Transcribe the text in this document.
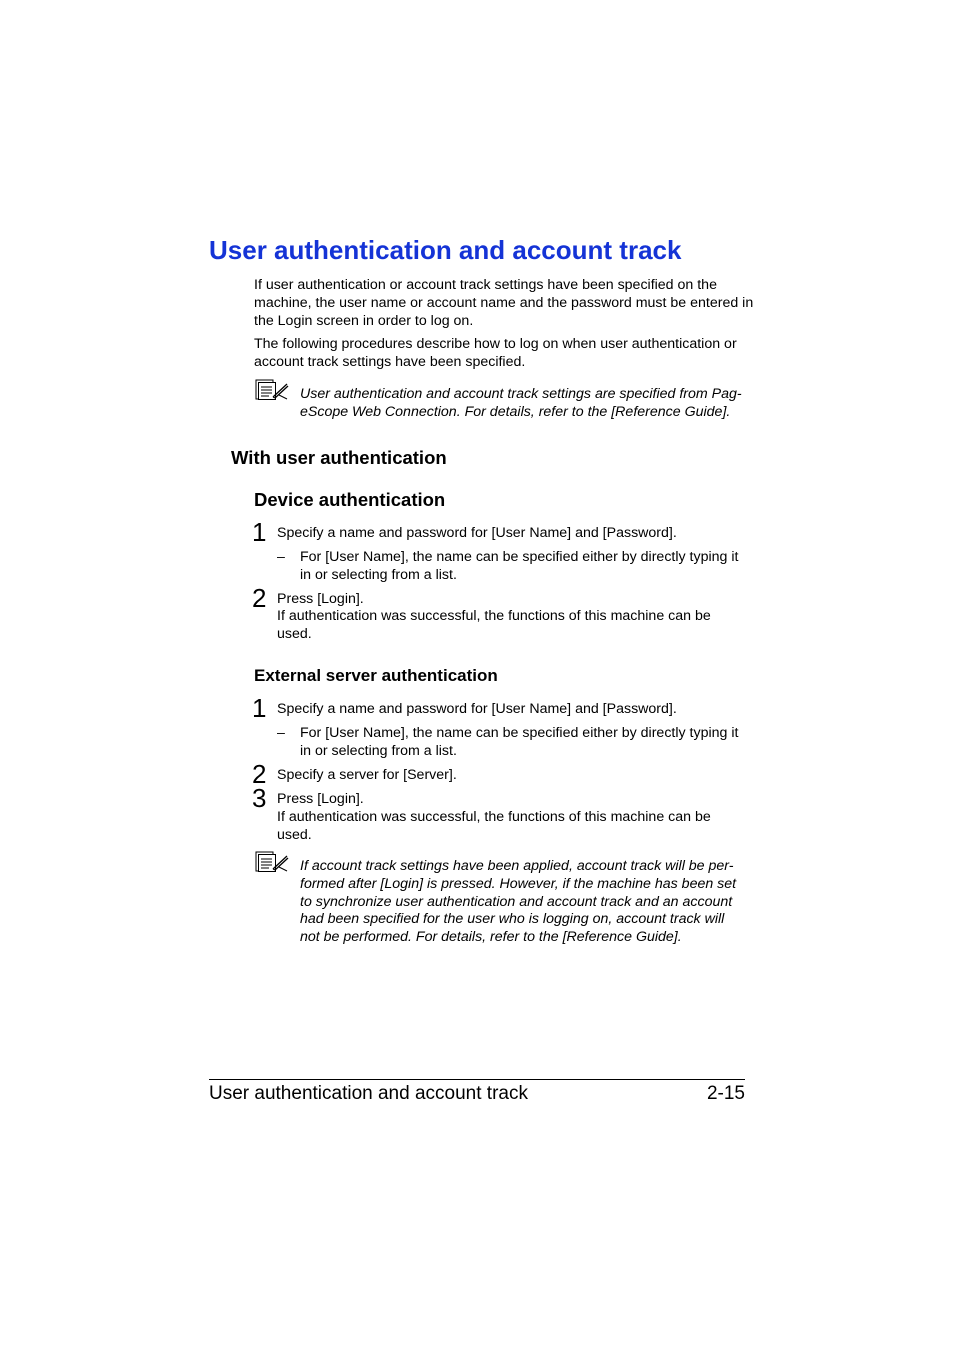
User authentication and account track
If user authentication or account track settings have been specified on the machine, the user name or account name and the password must be entered in the Login screen in order to log on.
The following procedures describe how to log on when user authentication or account track settings have been specified.
User authentication and account track settings are specified from Pag-eScope Web Connection. For details, refer to the [Reference Guide].
With user authentication
Device authentication
1 Specify a name and password for [User Name] and [Password].
– For [User Name], the name can be specified either by directly typing it in or selecting from a list.
2 Press [Login].
If authentication was successful, the functions of this machine can be used.
External server authentication
1 Specify a name and password for [User Name] and [Password].
– For [User Name], the name can be specified either by directly typing it in or selecting from a list.
2 Specify a server for [Server].
3 Press [Login].
If authentication was successful, the functions of this machine can be used.
If account track settings have been applied, account track will be per-formed after [Login] is pressed. However, if the machine has been set to synchronize user authentication and account track and an account had been specified for the user who is logging on, account track will not be performed. For details, refer to the [Reference Guide].
User authentication and account track	2-15
